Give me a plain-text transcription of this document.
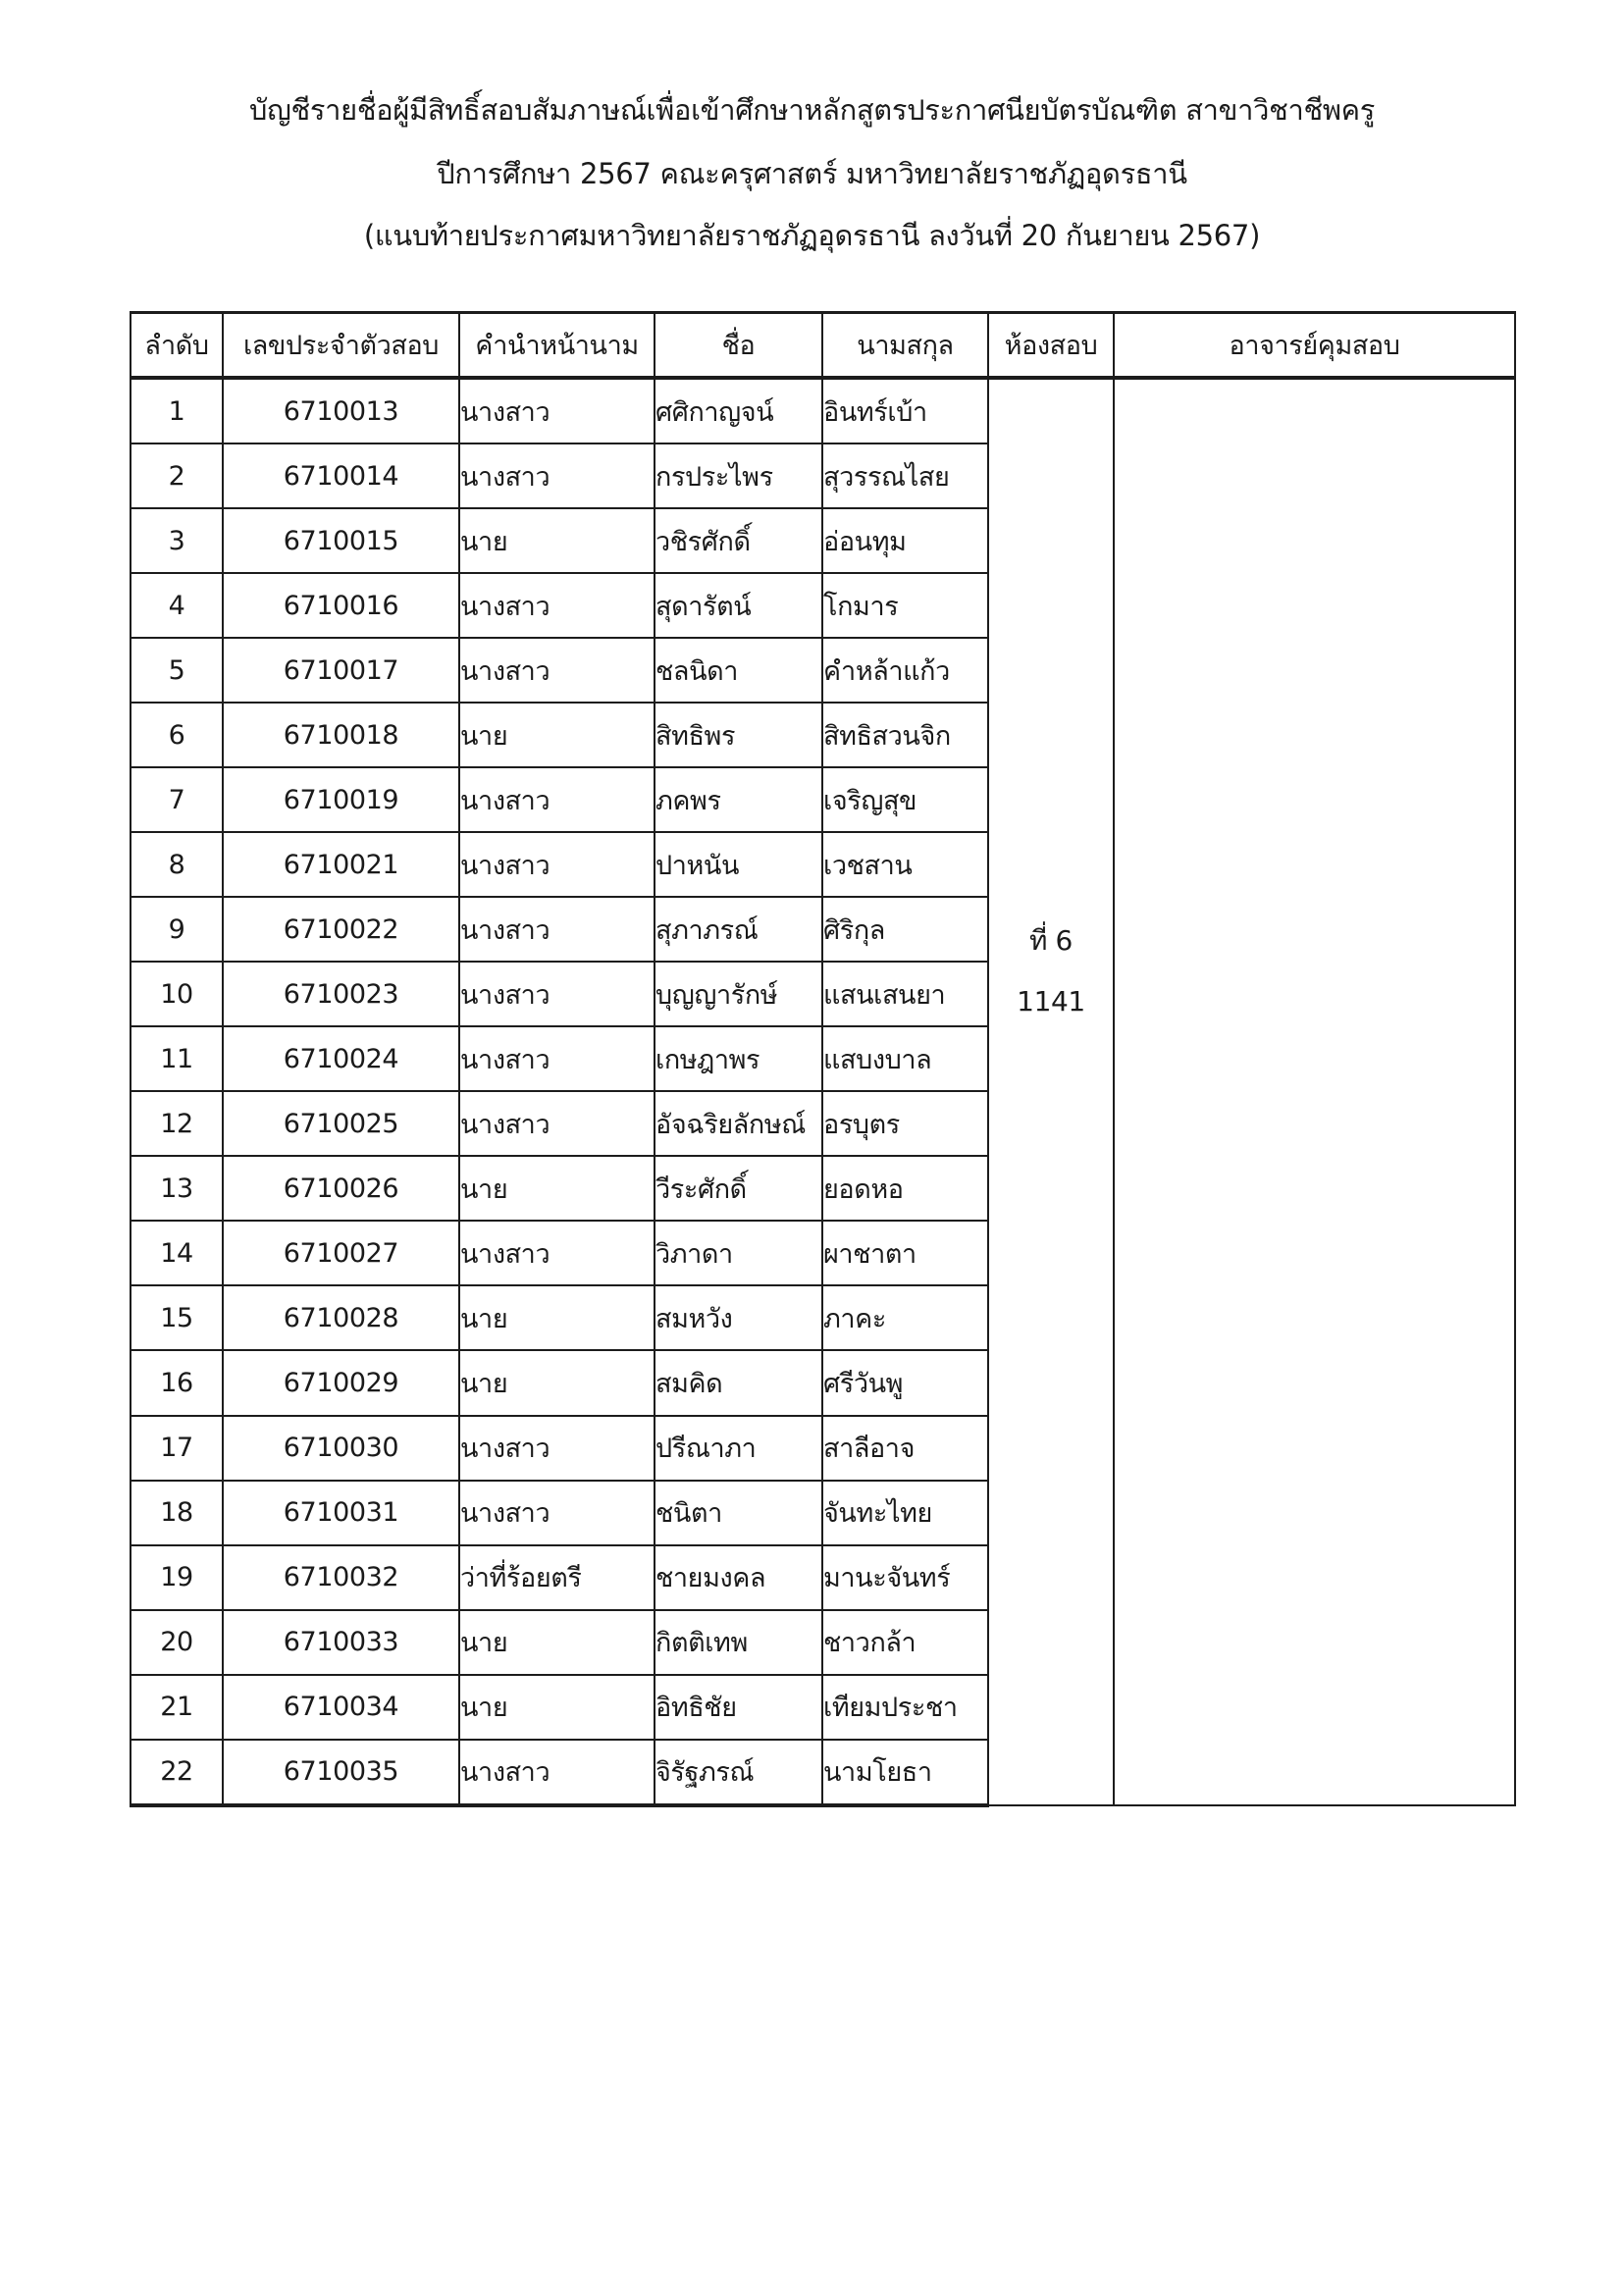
บัญชีรายชื่อผู้มีสิทธิ์สอบสัมภาษณ์เพื่อเข้าศึกษาหลักสูตรประกาศนียบัตรบัณฑิต สาขาวิชาชีพครู
ปีการศึกษา 2567 คณะครุศาสตร์ มหาวิทยาลัยราชภัฏอุดรธานี
(แนบท้ายประกาศมหาวิทยาลัยราชภัฏอุดรธานี ลงวันที่ 20 กันยายน 2567)
ลำดับ	เลขประจำตัวสอบ	คำนำหน้านาม	ชื่อ	นามสกุล	ห้องสอบ	อาจารย์คุมสอบ
1	6710013	นางสาว	ศศิกาญจน์	อินทร์เบ้า	ที่ 6
1141	

2	6710014	นางสาว	กรประไพร	สุวรรณไสย		
3	6710015	นาย	วชิรศักดิ์	อ่อนทุม		
4	6710016	นางสาว	สุดารัตน์	โกมาร		
5	6710017	นางสาว	ชลนิดา	คำหล้าแก้ว		
6	6710018	นาย	สิทธิพร	สิทธิสวนจิก		
7	6710019	นางสาว	ภคพร	เจริญสุข		
8	6710021	นางสาว	ปาหนัน	เวชสาน		
9	6710022	นางสาว	สุภาภรณ์	ศิริกุล		
10	6710023	นางสาว	บุญญารักษ์	แสนเสนยา		
11	6710024	นางสาว	เกษฎาพร	แสบงบาล		
12	6710025	นางสาว	อัจฉริยลักษณ์	อรบุตร		
13	6710026	นาย	วีระศักดิ์	ยอดหอ		
14	6710027	นางสาว	วิภาดา	ผาชาตา		
15	6710028	นาย	สมหวัง	ภาคะ		
16	6710029	นาย	สมคิด	ศรีวันพู		
17	6710030	นางสาว	ปรีณาภา	สาลีอาจ		
18	6710031	นางสาว	ชนิตา	จันทะไทย		
19	6710032	ว่าที่ร้อยตรี	ชายมงคล	มานะจันทร์		
20	6710033	นาย	กิตติเทพ	ชาวกล้า		
21	6710034	นาย	อิทธิชัย	เทียมประชา		
22	6710035	นางสาว	จิรัฐภรณ์	นามโยธา		
